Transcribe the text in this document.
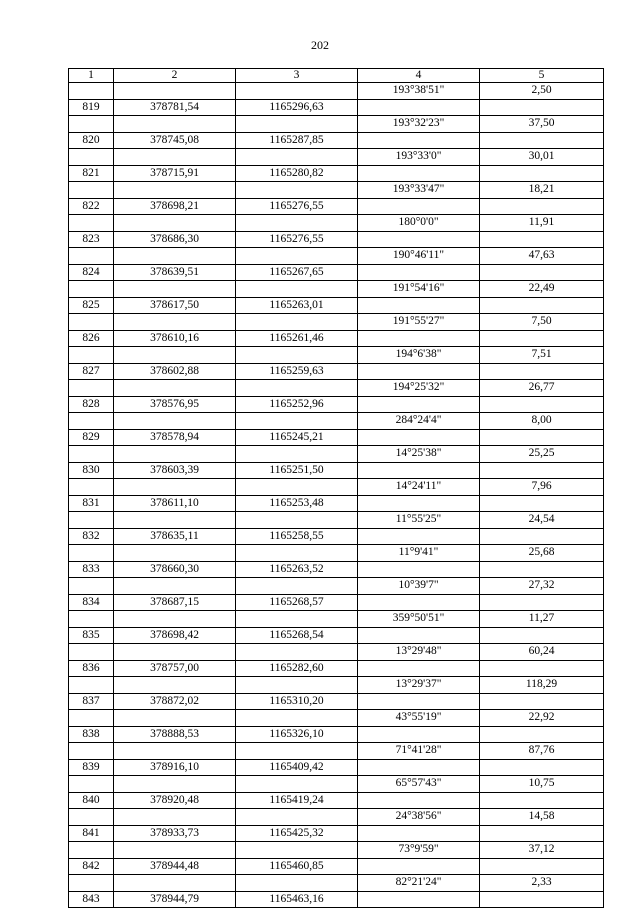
202
1	2	3	4	5
			193°38'51"	2,50
819	378781,54	1165296,63		
			193°32'23"	37,50
820	378745,08	1165287,85		
			193°33'0"	30,01
821	378715,91	1165280,82		
			193°33'47"	18,21
822	378698,21	1165276,55		
			180°0'0"	11,91
823	378686,30	1165276,55		
			190°46'11"	47,63
824	378639,51	1165267,65		
			191°54'16"	22,49
825	378617,50	1165263,01		
			191°55'27"	7,50
826	378610,16	1165261,46		
			194°6'38"	7,51
827	378602,88	1165259,63		
			194°25'32"	26,77
828	378576,95	1165252,96		
			284°24'4"	8,00
829	378578,94	1165245,21		
			14°25'38"	25,25
830	378603,39	1165251,50		
			14°24'11"	7,96
831	378611,10	1165253,48		
			11°55'25"	24,54
832	378635,11	1165258,55		
			11°9'41"	25,68
833	378660,30	1165263,52		
			10°39'7"	27,32
834	378687,15	1165268,57		
			359°50'51"	11,27
835	378698,42	1165268,54		
			13°29'48"	60,24
836	378757,00	1165282,60		
			13°29'37"	118,29
837	378872,02	1165310,20		
			43°55'19"	22,92
838	378888,53	1165326,10		
			71°41'28"	87,76
839	378916,10	1165409,42		
			65°57'43"	10,75
840	378920,48	1165419,24		
			24°38'56"	14,58
841	378933,73	1165425,32		
			73°9'59"	37,12
842	378944,48	1165460,85		
			82°21'24"	2,33
843	378944,79	1165463,16		
